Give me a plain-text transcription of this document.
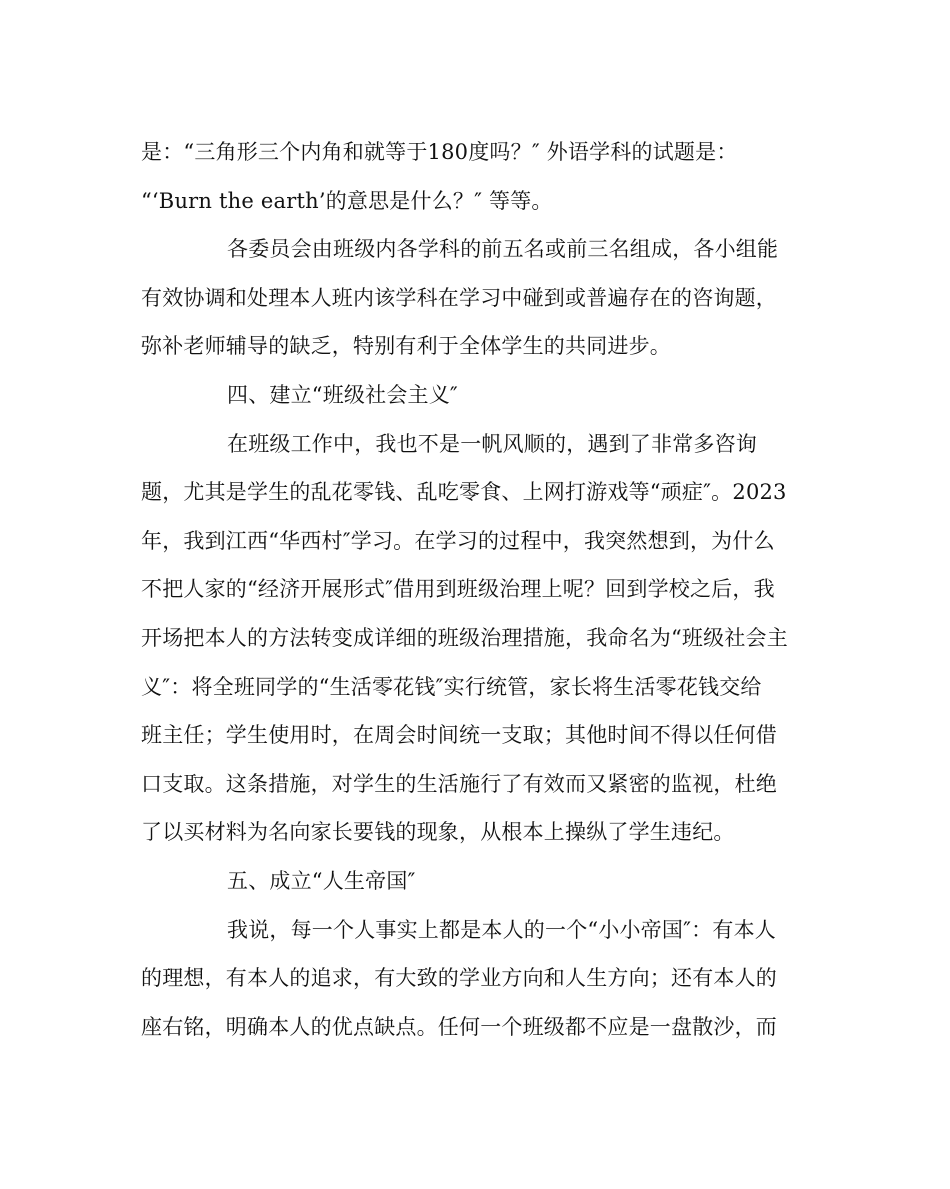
是：“三角形三个内角和就等于180度吗？″ 外语学科的试题是：
“‘Burn the earth’的意思是什么？″ 等等。
各委员会由班级内各学科的前五名或前三名组成，各小组能
有效协调和处理本人班内该学科在学习中碰到或普遍存在的咨询题，
弥补老师辅导的缺乏，特别有利于全体学生的共同进步。
四、建立“班级社会主义″
在班级工作中，我也不是一帆风顺的，遇到了非常多咨询
题，尤其是学生的乱花零钱、乱吃零食、上网打游戏等“顽症″。2023
年，我到江西“华西村″学习。在学习的过程中，我突然想到，为什么
不把人家的“经济开展形式″借用到班级治理上呢？回到学校之后，我
开场把本人的方法转变成详细的班级治理措施，我命名为“班级社会主
义″：将全班同学的“生活零花钱″实行统管，家长将生活零花钱交给
班主任；学生使用时，在周会时间统一支取；其他时间不得以任何借
口支取。这条措施，对学生的生活施行了有效而又紧密的监视，杜绝
了以买材料为名向家长要钱的现象，从根本上操纵了学生违纪。
五、成立“人生帝国″
我说，每一个人事实上都是本人的一个“小小帝国″：有本人
的理想，有本人的追求，有大致的学业方向和人生方向；还有本人的
座右铭，明确本人的优点缺点。任何一个班级都不应是一盘散沙，而
